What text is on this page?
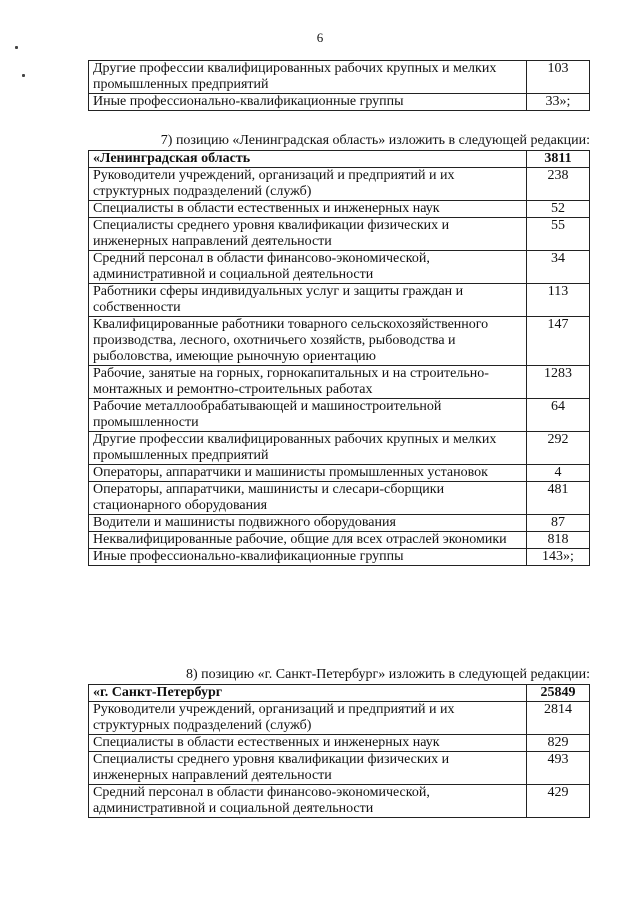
6
Другие профессии квалифицированных рабочих крупных и мелких промышленных предприятий	103
Иные профессионально-квалификационные группы	33»;
7) позицию «Ленинградская область» изложить в следующей редакции:
«Ленинградская область	3811
Руководители учреждений, организаций и предприятий и их структурных подразделений (служб)	238
Специалисты в области естественных и инженерных наук	52
Специалисты среднего уровня квалификации физических и инженерных направлений деятельности	55
Средний персонал в области финансово-экономической, административной и социальной деятельности	34
Работники сферы индивидуальных услуг и защиты граждан и собственности	113
Квалифицированные работники товарного сельскохозяйственного производства, лесного, охотничьего хозяйств, рыбоводства и рыболовства, имеющие рыночную ориентацию	147
Рабочие, занятые на горных, горнокапитальных и на строительно-монтажных и ремонтно-строительных работах	1283
Рабочие металлообрабатывающей и машиностроительной промышленности	64
Другие профессии квалифицированных рабочих крупных и мелких промышленных предприятий	292
Операторы, аппаратчики и машинисты промышленных установок	4
Операторы, аппаратчики, машинисты и слесари-сборщики стационарного оборудования	481
Водители и машинисты подвижного оборудования	87
Неквалифицированные рабочие, общие для всех отраслей экономики	818
Иные профессионально-квалификационные группы	143»;
8) позицию «г. Санкт-Петербург» изложить в следующей редакции:
«г. Санкт-Петербург	25849
Руководители учреждений, организаций и предприятий и их структурных подразделений (служб)	2814
Специалисты в области естественных и инженерных наук	829
Специалисты среднего уровня квалификации физических и инженерных направлений деятельности	493
Средний персонал в области финансово-экономической, административной и социальной деятельности	429
